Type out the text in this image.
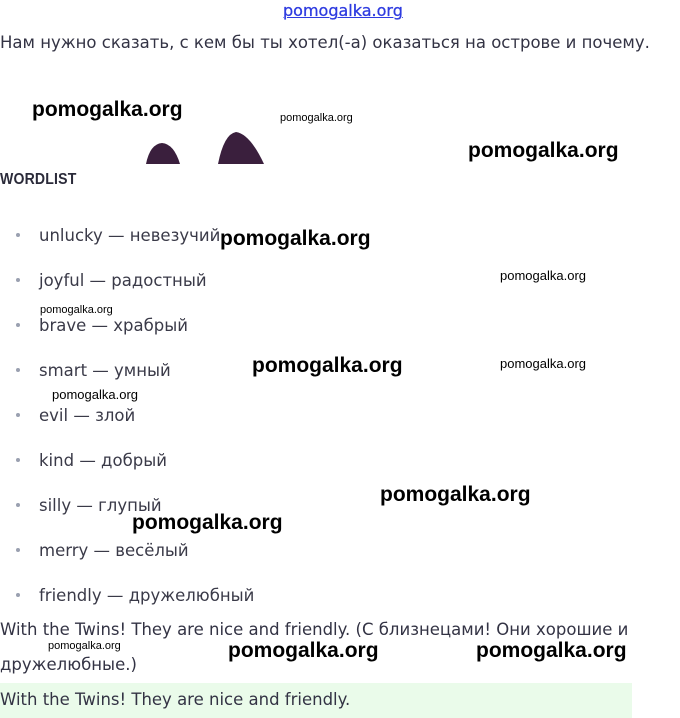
pomogalka.org
Нам нужно сказать, с кем бы ты хотел(-а) оказаться на острове и почему.
WORDLIST
unlucky — невезучий
joyful — радостный
brave — храбрый
smart — умный
evil — злой
kind — добрый
silly — глупый
merry — весёлый
friendly — дружелюбный
With the Twins! They are nice and friendly. (С близнецами! Они хорошие и
дружелюбные.)
With the Twins! They are nice and friendly.
pomogalka.org	pomogalka.org
pomogalka.org
pomogalka.org
pomogalka.org
pomogalka.org
pomogalka.org	pomogalka.org
pomogalka.org
pomogalka.org
pomogalka.org
pomogalka.org	pomogalka.org	pomogalka.org
